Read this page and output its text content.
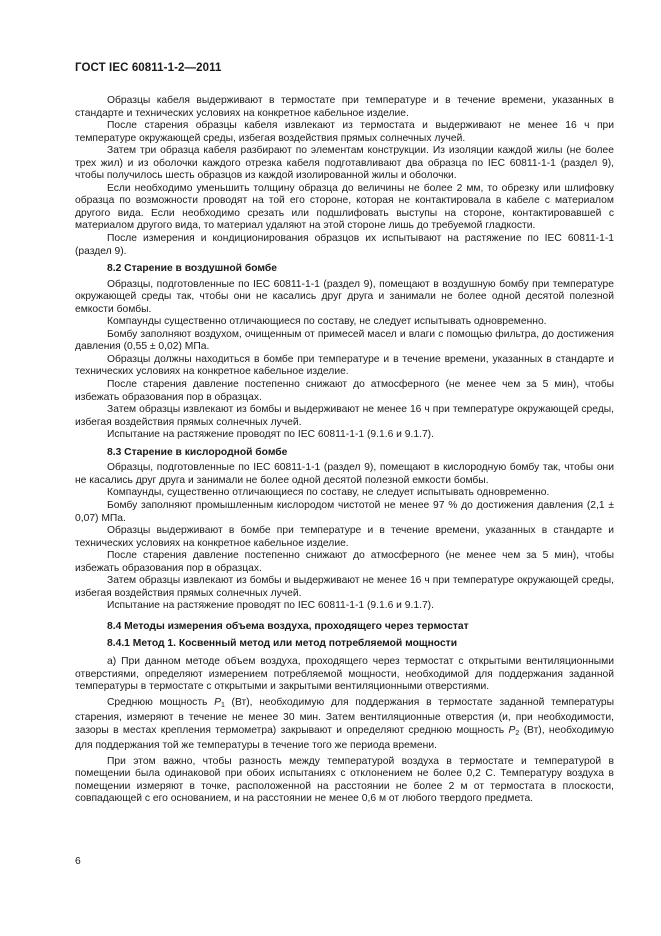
ГОСТ IEC 60811-1-2—2011

Образцы кабеля выдерживают в термостате при температуре и в течение времени, указанных в стандарте и технических условиях на конкретное кабельное изделие.

После старения образцы кабеля извлекают из термостата и выдерживают не менее 16 ч при температуре окружающей среды, избегая воздействия прямых солнечных лучей.

Затем три образца кабеля разбирают по элементам конструкции. Из изоляции каждой жилы (не более трех жил) и из оболочки каждого отрезка кабеля подготавливают два образца по IEC 60811-1-1 (раздел 9), чтобы получилось шесть образцов из каждой изолированной жилы и оболочки.

Если необходимо уменьшить толщину образца до величины не более 2 мм, то обрезку или шлифовку образца по возможности проводят на той его стороне, которая не контактировала в кабеле с материалом другого вида. Если необходимо срезать или подшлифовать выступы на стороне, контактировавшей с материалом другого вида, то материал удаляют на этой стороне лишь до требуемой гладкости.

После измерения и кондиционирования образцов их испытывают на растяжение по IEC 60811-1-1 (раздел 9).

8.2 Старение в воздушной бомбе

Образцы, подготовленные по IEC 60811-1-1 (раздел 9), помещают в воздушную бомбу при температуре окружающей среды так, чтобы они не касались друг друга и занимали не более одной десятой полезной емкости бомбы.

Компаунды существенно отличающиеся по составу, не следует испытывать одновременно.

Бомбу заполняют воздухом, очищенным от примесей масел и влаги с помощью фильтра, до достижения давления (0,55 ± 0,02) МПа.

Образцы должны находиться в бомбе при температуре и в течение времени, указанных в стандарте и технических условиях на конкретное кабельное изделие.

После старения давление постепенно снижают до атмосферного (не менее чем за 5 мин), чтобы избежать образования пор в образцах.

Затем образцы извлекают из бомбы и выдерживают не менее 16 ч при температуре окружающей среды, избегая воздействия прямых солнечных лучей.

Испытание на растяжение проводят по IEC 60811-1-1 (9.1.6 и 9.1.7).

8.3 Старение в кислородной бомбе

Образцы, подготовленные по IEC 60811-1-1 (раздел 9), помещают в кислородную бомбу так, чтобы они не касались друг друга и занимали не более одной десятой полезной емкости бомбы.

Компаунды, существенно отличающиеся по составу, не следует испытывать одновременно.

Бомбу заполняют промышленным кислородом чистотой не менее 97 % до достижения давления (2,1 ± 0,07) МПа.

Образцы выдерживают в бомбе при температуре и в течение времени, указанных в стандарте и технических условиях на конкретное кабельное изделие.

После старения давление постепенно снижают до атмосферного (не менее чем за 5 мин), чтобы избежать образования пор в образцах.

Затем образцы извлекают из бомбы и выдерживают не менее 16 ч при температуре окружающей среды, избегая воздействия прямых солнечных лучей.

Испытание на растяжение проводят по IEC 60811-1-1 (9.1.6 и 9.1.7).

8.4 Методы измерения объема воздуха, проходящего через термостат
8.4.1 Метод 1. Косвенный метод или метод потребляемой мощности

а) При данном методе объем воздуха, проходящего через термостат с открытыми вентиляционными отверстиями, определяют измерением потребляемой мощности, необходимой для поддержания заданной температуры в термостате с открытыми и закрытыми вентиляционными отверстиями.

Среднюю мощность $P_1$ (Вт), необходимую для поддержания в термостате заданной температуры старения, измеряют в течение не менее 30 мин. Затем вентиляционные отверстия (и, при необходимости, зазоры в местах крепления термометра) закрывают и определяют среднюю мощность $P_2$ (Вт), необходимую для поддержания той же температуры в течение того же периода времени.

При этом важно, чтобы разность между температурой воздуха в термостате и температурой в помещении была одинаковой при обоих испытаниях с отклонением не более 0,2 С. Температуру воздуха в помещении измеряют в точке, расположенной на расстоянии не более 2 м от термостата в плоскости, совпадающей с его основанием, и на расстоянии не менее 0,6 м от любого твердого предмета.

6
